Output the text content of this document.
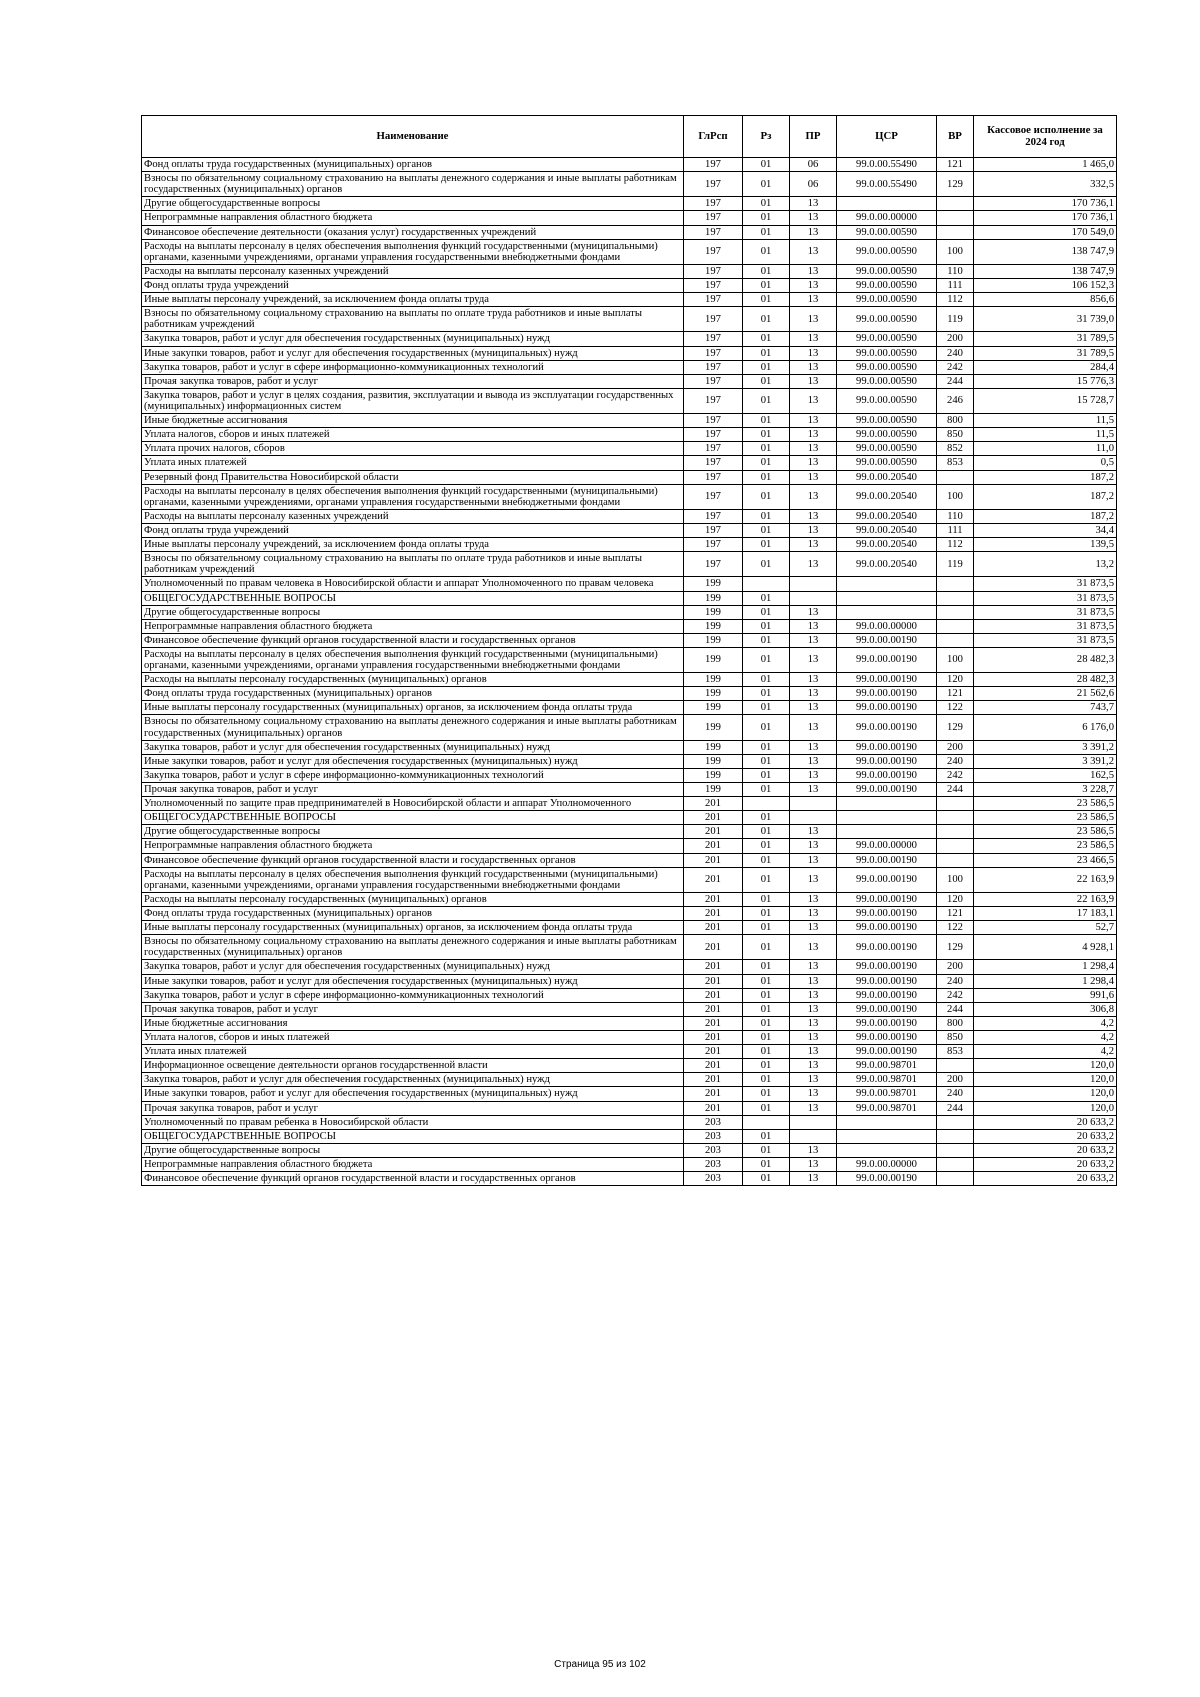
Наименование	ГлРсп	Рз	ПР	ЦСР	ВР	Кассовое исполнение за 2024 год
Фонд оплаты труда государственных (муниципальных) органов	197	01	06	99.0.00.55490	121	1 465,0
Взносы по обязательному социальному страхованию на выплаты денежного содержания и иные выплаты работникам государственных (муниципальных) органов	197	01	06	99.0.00.55490	129	332,5
Другие общегосударственные вопросы	197	01	13			170 736,1
Непрограммные направления областного бюджета	197	01	13	99.0.00.00000		170 736,1
Финансовое обеспечение деятельности (оказания услуг) государственных учреждений	197	01	13	99.0.00.00590		170 549,0
Расходы на выплаты персоналу в целях обеспечения выполнения функций государственными (муниципальными) органами, казенными учреждениями, органами управления государственными внебюджетными фондами	197	01	13	99.0.00.00590	100	138 747,9
Расходы на выплаты персоналу казенных учреждений	197	01	13	99.0.00.00590	110	138 747,9
Фонд оплаты труда учреждений	197	01	13	99.0.00.00590	111	106 152,3
Иные выплаты персоналу учреждений, за исключением фонда оплаты труда	197	01	13	99.0.00.00590	112	856,6
Взносы по обязательному социальному страхованию на выплаты по оплате труда работников и иные выплаты работникам учреждений	197	01	13	99.0.00.00590	119	31 739,0
Закупка товаров, работ и услуг для обеспечения государственных (муниципальных) нужд	197	01	13	99.0.00.00590	200	31 789,5
Иные закупки товаров, работ и услуг для обеспечения государственных (муниципальных) нужд	197	01	13	99.0.00.00590	240	31 789,5
Закупка товаров, работ и услуг в сфере информационно-коммуникационных технологий	197	01	13	99.0.00.00590	242	284,4
Прочая закупка товаров, работ и услуг	197	01	13	99.0.00.00590	244	15 776,3
Закупка товаров, работ и услуг в целях создания, развития, эксплуатации и вывода из эксплуатации государственных (муниципальных) информационных систем	197	01	13	99.0.00.00590	246	15 728,7
Иные бюджетные ассигнования	197	01	13	99.0.00.00590	800	11,5
Уплата налогов, сборов и иных платежей	197	01	13	99.0.00.00590	850	11,5
Уплата прочих налогов, сборов	197	01	13	99.0.00.00590	852	11,0
Уплата иных платежей	197	01	13	99.0.00.00590	853	0,5
Резервный фонд Правительства Новосибирской области	197	01	13	99.0.00.20540		187,2
Расходы на выплаты персоналу в целях обеспечения выполнения функций государственными (муниципальными) органами, казенными учреждениями, органами управления государственными внебюджетными фондами	197	01	13	99.0.00.20540	100	187,2
Расходы на выплаты персоналу казенных учреждений	197	01	13	99.0.00.20540	110	187,2
Фонд оплаты труда учреждений	197	01	13	99.0.00.20540	111	34,4
Иные выплаты персоналу учреждений, за исключением фонда оплаты труда	197	01	13	99.0.00.20540	112	139,5
Взносы по обязательному социальному страхованию на выплаты по оплате труда работников и иные выплаты работникам учреждений	197	01	13	99.0.00.20540	119	13,2
Уполномоченный по правам человека в Новосибирской области и аппарат Уполномоченного по правам человека	199					31 873,5
ОБЩЕГОСУДАРСТВЕННЫЕ ВОПРОСЫ	199	01				31 873,5
Другие общегосударственные вопросы	199	01	13			31 873,5
Непрограммные направления областного бюджета	199	01	13	99.0.00.00000		31 873,5
Финансовое обеспечение функций органов государственной власти и государственных органов	199	01	13	99.0.00.00190		31 873,5
Расходы на выплаты персоналу в целях обеспечения выполнения функций государственными (муниципальными) органами, казенными учреждениями, органами управления государственными внебюджетными фондами	199	01	13	99.0.00.00190	100	28 482,3
Расходы на выплаты персоналу государственных (муниципальных) органов	199	01	13	99.0.00.00190	120	28 482,3
Фонд оплаты труда государственных (муниципальных) органов	199	01	13	99.0.00.00190	121	21 562,6
Иные выплаты персоналу государственных (муниципальных) органов, за исключением фонда оплаты труда	199	01	13	99.0.00.00190	122	743,7
Взносы по обязательному социальному страхованию на выплаты денежного содержания и иные выплаты работникам государственных (муниципальных) органов	199	01	13	99.0.00.00190	129	6 176,0
Закупка товаров, работ и услуг для обеспечения государственных (муниципальных) нужд	199	01	13	99.0.00.00190	200	3 391,2
Иные закупки товаров, работ и услуг для обеспечения государственных (муниципальных) нужд	199	01	13	99.0.00.00190	240	3 391,2
Закупка товаров, работ и услуг в сфере информационно-коммуникационных технологий	199	01	13	99.0.00.00190	242	162,5
Прочая закупка товаров, работ и услуг	199	01	13	99.0.00.00190	244	3 228,7
Уполномоченный по защите прав предпринимателей в Новосибирской области и аппарат Уполномоченного	201					23 586,5
ОБЩЕГОСУДАРСТВЕННЫЕ ВОПРОСЫ	201	01				23 586,5
Другие общегосударственные вопросы	201	01	13			23 586,5
Непрограммные направления областного бюджета	201	01	13	99.0.00.00000		23 586,5
Финансовое обеспечение функций органов государственной власти и государственных органов	201	01	13	99.0.00.00190		23 466,5
Расходы на выплаты персоналу в целях обеспечения выполнения функций государственными (муниципальными) органами, казенными учреждениями, органами управления государственными внебюджетными фондами	201	01	13	99.0.00.00190	100	22 163,9
Расходы на выплаты персоналу государственных (муниципальных) органов	201	01	13	99.0.00.00190	120	22 163,9
Фонд оплаты труда государственных (муниципальных) органов	201	01	13	99.0.00.00190	121	17 183,1
Иные выплаты персоналу государственных (муниципальных) органов, за исключением фонда оплаты труда	201	01	13	99.0.00.00190	122	52,7
Взносы по обязательному социальному страхованию на выплаты денежного содержания и иные выплаты работникам государственных (муниципальных) органов	201	01	13	99.0.00.00190	129	4 928,1
Закупка товаров, работ и услуг для обеспечения государственных (муниципальных) нужд	201	01	13	99.0.00.00190	200	1 298,4
Иные закупки товаров, работ и услуг для обеспечения государственных (муниципальных) нужд	201	01	13	99.0.00.00190	240	1 298,4
Закупка товаров, работ и услуг в сфере информационно-коммуникационных технологий	201	01	13	99.0.00.00190	242	991,6
Прочая закупка товаров, работ и услуг	201	01	13	99.0.00.00190	244	306,8
Иные бюджетные ассигнования	201	01	13	99.0.00.00190	800	4,2
Уплата налогов, сборов и иных платежей	201	01	13	99.0.00.00190	850	4,2
Уплата иных платежей	201	01	13	99.0.00.00190	853	4,2
Информационное освещение деятельности органов государственной власти	201	01	13	99.0.00.98701		120,0
Закупка товаров, работ и услуг для обеспечения государственных (муниципальных) нужд	201	01	13	99.0.00.98701	200	120,0
Иные закупки товаров, работ и услуг для обеспечения государственных (муниципальных) нужд	201	01	13	99.0.00.98701	240	120,0
Прочая закупка товаров, работ и услуг	201	01	13	99.0.00.98701	244	120,0
Уполномоченный по правам ребенка в Новосибирской области	203					20 633,2
ОБЩЕГОСУДАРСТВЕННЫЕ ВОПРОСЫ	203	01				20 633,2
Другие общегосударственные вопросы	203	01	13			20 633,2
Непрограммные направления областного бюджета	203	01	13	99.0.00.00000		20 633,2
Финансовое обеспечение функций органов государственной власти и государственных органов	203	01	13	99.0.00.00190		20 633,2
Страница 95 из 102
